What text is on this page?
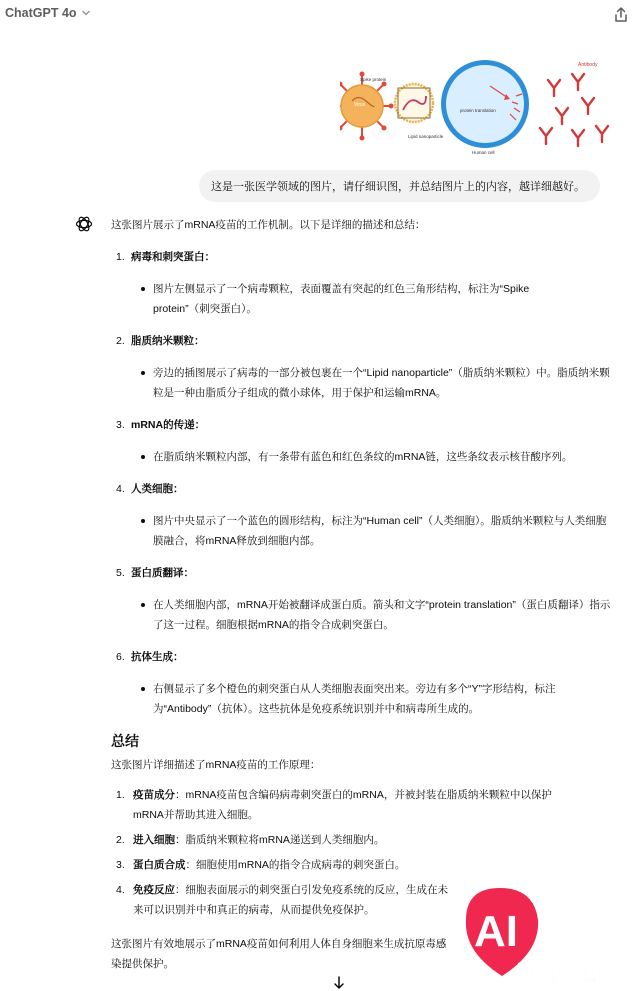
ChatGPT 4o
Virus
Spike protein
Lipid nanoparticle
protein translation
Human cell
Antibody
这是一张医学领域的图片，请仔细识图，并总结图片上的内容，越详细越好。
这张图片展示了mRNA疫苗的工作机制。以下是详细的描述和总结：
1. 病毒和刺突蛋白：
图片左侧显示了一个病毒颗粒，表面覆盖有突起的红色三角形结构，标注为“Spike protein”（刺突蛋白）。
2. 脂质纳米颗粒：
旁边的插图展示了病毒的一部分被包裹在一个“Lipid nanoparticle”（脂质纳米颗粒）中。脂质纳米颗粒是一种由脂质分子组成的微小球体，用于保护和运输mRNA。
3. mRNA的传递：
在脂质纳米颗粒内部，有一条带有蓝色和红色条纹的mRNA链，这些条纹表示核苷酸序列。
4. 人类细胞：
图片中央显示了一个蓝色的圆形结构，标注为“Human cell”（人类细胞）。脂质纳米颗粒与人类细胞膜融合，将mRNA释放到细胞内部。
5. 蛋白质翻译：
在人类细胞内部，mRNA开始被翻译成蛋白质。箭头和文字“protein translation”（蛋白质翻译）指示了这一过程。细胞根据mRNA的指令合成刺突蛋白。
6. 抗体生成：
右侧显示了多个橙色的刺突蛋白从人类细胞表面突出来。旁边有多个“Y”字形结构，标注为“Antibody”（抗体）。这些抗体是免疫系统识别并中和病毒所生成的。
总结
这张图片详细描述了mRNA疫苗的工作原理：
1. 疫苗成分：mRNA疫苗包含编码病毒刺突蛋白的mRNA，并被封装在脂质纳米颗粒中以保护mRNA并帮助其进入细胞。
2. 进入细胞：脂质纳米颗粒将mRNA递送到人类细胞内。
3. 蛋白质合成：细胞使用mRNA的指令合成病毒的刺突蛋白。
4. 免疫反应：细胞表面展示的刺突蛋白引发免疫系统的反应，生成在未来可以识别并中和真正的病毒，从而提供免疫保护。
这张图片有效地展示了mRNA疫苗如何利用人体自身细胞来生成抗原毒感染提供保护。
AI
视频贴吧
